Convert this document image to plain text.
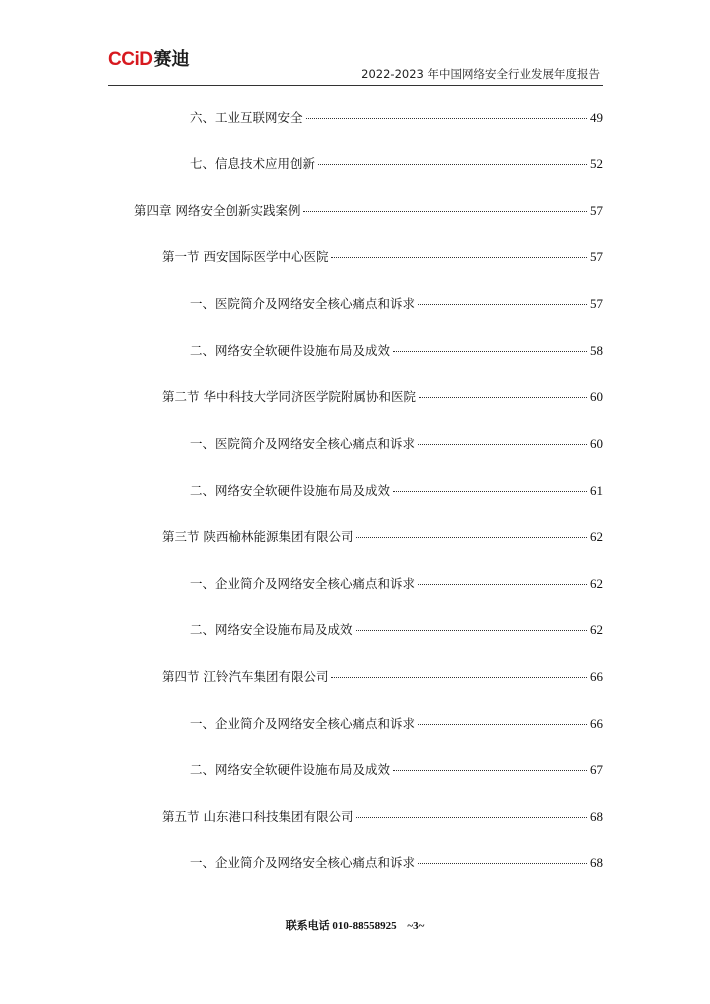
CCiD 赛迪
2022-2023 年中国网络安全行业发展年度报告
六、工业互联网安全	49
七、信息技术应用创新	52
第四章 网络安全创新实践案例	57
第一节 西安国际医学中心医院	57
一、医院简介及网络安全核心痛点和诉求	57
二、网络安全软硬件设施布局及成效	58
第二节 华中科技大学同济医学院附属协和医院	60
一、医院简介及网络安全核心痛点和诉求	60
二、网络安全软硬件设施布局及成效	61
第三节 陕西榆林能源集团有限公司	62
一、企业简介及网络安全核心痛点和诉求	62
二、网络安全设施布局及成效	62
第四节 江铃汽车集团有限公司	66
一、企业简介及网络安全核心痛点和诉求	66
二、网络安全软硬件设施布局及成效	67
第五节 山东港口科技集团有限公司	68
一、企业简介及网络安全核心痛点和诉求	68
联系电话 010-88558925 ~3~
